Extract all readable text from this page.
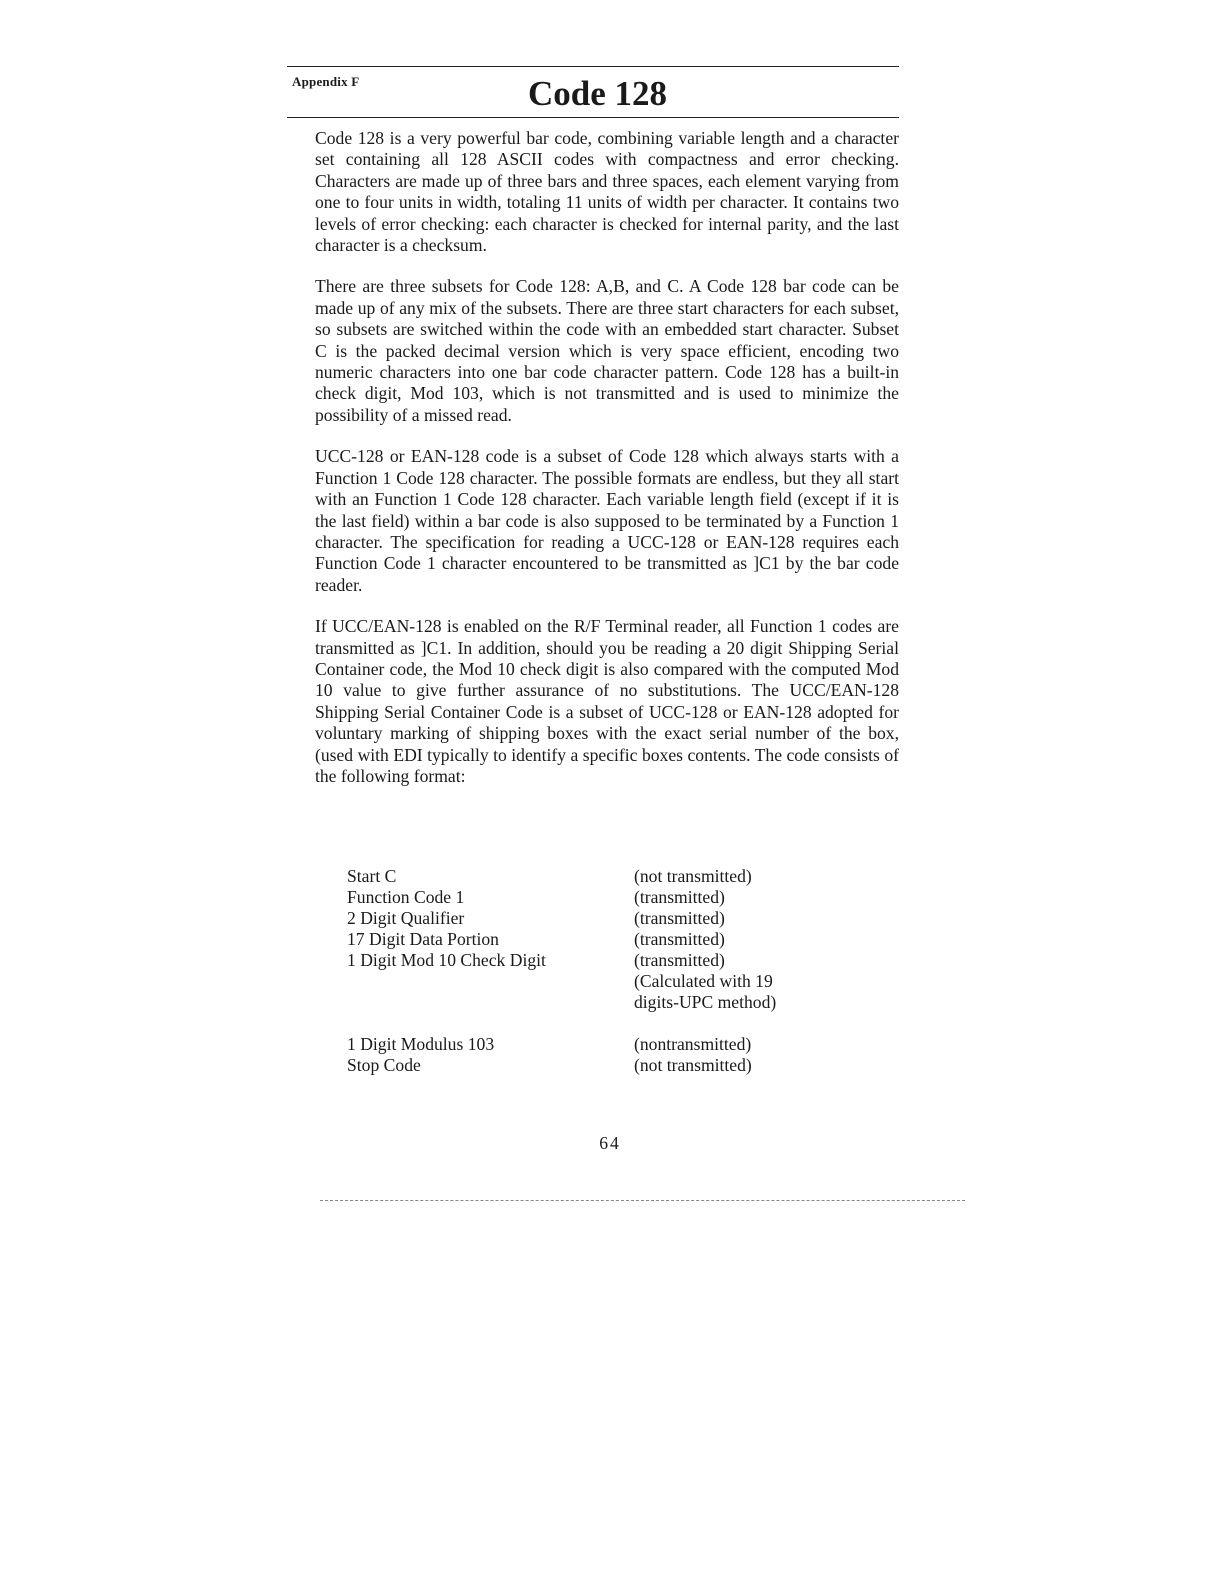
Appendix F	Code 128

Code 128 is a very powerful bar code, combining variable length and a character set containing all 128 ASCII codes with compactness and error checking. Characters are made up of three bars and three spaces, each element varying from one to four units in width, totaling 11 units of width per character. It contains two levels of error checking: each character is checked for internal parity, and the last character is a checksum.

There are three subsets for Code 128: A,B, and C. A Code 128 bar code can be made up of any mix of the subsets. There are three start characters for each subset, so subsets are switched within the code with an embedded start character. Subset C is the packed decimal version which is very space efficient, encoding two numeric characters into one bar code character pattern. Code 128 has a built-in check digit, Mod 103, which is not transmitted and is used to minimize the possibility of a missed read.

UCC-128 or EAN-128 code is a subset of Code 128 which always starts with a Function 1 Code 128 character. The possible formats are endless, but they all start with an Function 1 Code 128 character. Each variable length field (except if it is the last field) within a bar code is also supposed to be terminated by a Function 1 character. The specification for reading a UCC-128 or EAN-128 requires each Function Code 1 character encountered to be transmitted as ]C1 by the bar code reader.

If UCC/EAN-128 is enabled on the R/F Terminal reader, all Function 1 codes are transmitted as ]C1. In addition, should you be reading a 20 digit Shipping Serial Container code, the Mod 10 check digit is also compared with the computed Mod 10 value to give further assurance of no substitutions. The UCC/EAN-128 Shipping Serial Container Code is a subset of UCC-128 or EAN-128 adopted for voluntary marking of shipping boxes with the exact serial number of the box, (used with EDI typically to identify a specific boxes contents. The code consists of the following format:

Start C	(not transmitted)
Function Code 1	(transmitted)
2 Digit Qualifier	(transmitted)
17 Digit Data Portion	(transmitted)
1 Digit Mod 10 Check Digit	(transmitted)
(Calculated with 19
digits-UPC method)
1 Digit Modulus 103	(nontransmitted)
Stop Code	(not transmitted)
64
